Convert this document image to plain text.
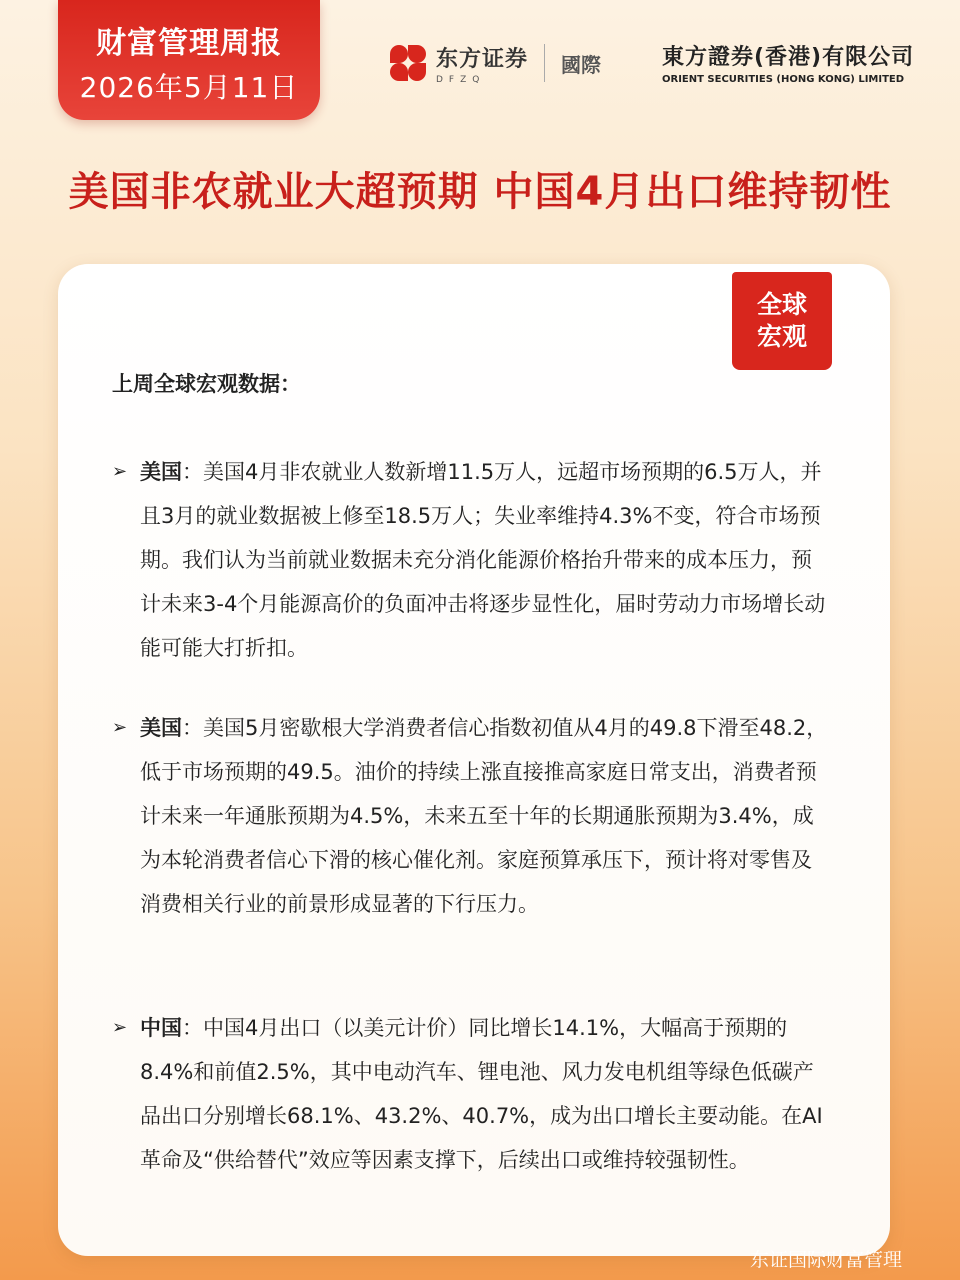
财富管理周报
2026年5月11日
东方证券
DFZQ
國際	東方證券(香港)有限公司
ORIENT SECURITIES (HONG KONG) LIMITED
美国非农就业大超预期 中国4月出口维持韧性
全球
宏观
上周全球宏观数据：
➢ 美国：美国4月非农就业人数新增11.5万人，远超市场预期的6.5万人，并且3月的就业数据被上修至18.5万人；失业率维持4.3%不变，符合市场预期。我们认为当前就业数据未充分消化能源价格抬升带来的成本压力，预计未来3-4个月能源高价的负面冲击将逐步显性化，届时劳动力市场增长动能可能大打折扣。
➢ 美国：美国5月密歇根大学消费者信心指数初值从4月的49.8下滑至48.2，低于市场预期的49.5。油价的持续上涨直接推高家庭日常支出，消费者预计未来一年通胀预期为4.5%，未来五至十年的长期通胀预期为3.4%，成为本轮消费者信心下滑的核心催化剂。家庭预算承压下，预计将对零售及消费相关行业的前景形成显著的下行压力。
➢ 中国：中国4月出口（以美元计价）同比增长14.1%，大幅高于预期的8.4%和前值2.5%，其中电动汽车、锂电池、风力发电机组等绿色低碳产品出口分别增长68.1%、43.2%、40.7%，成为出口增长主要动能。在AI革命及“供给替代”效应等因素支撑下，后续出口或维持较强韧性。
东证国际财富管理
